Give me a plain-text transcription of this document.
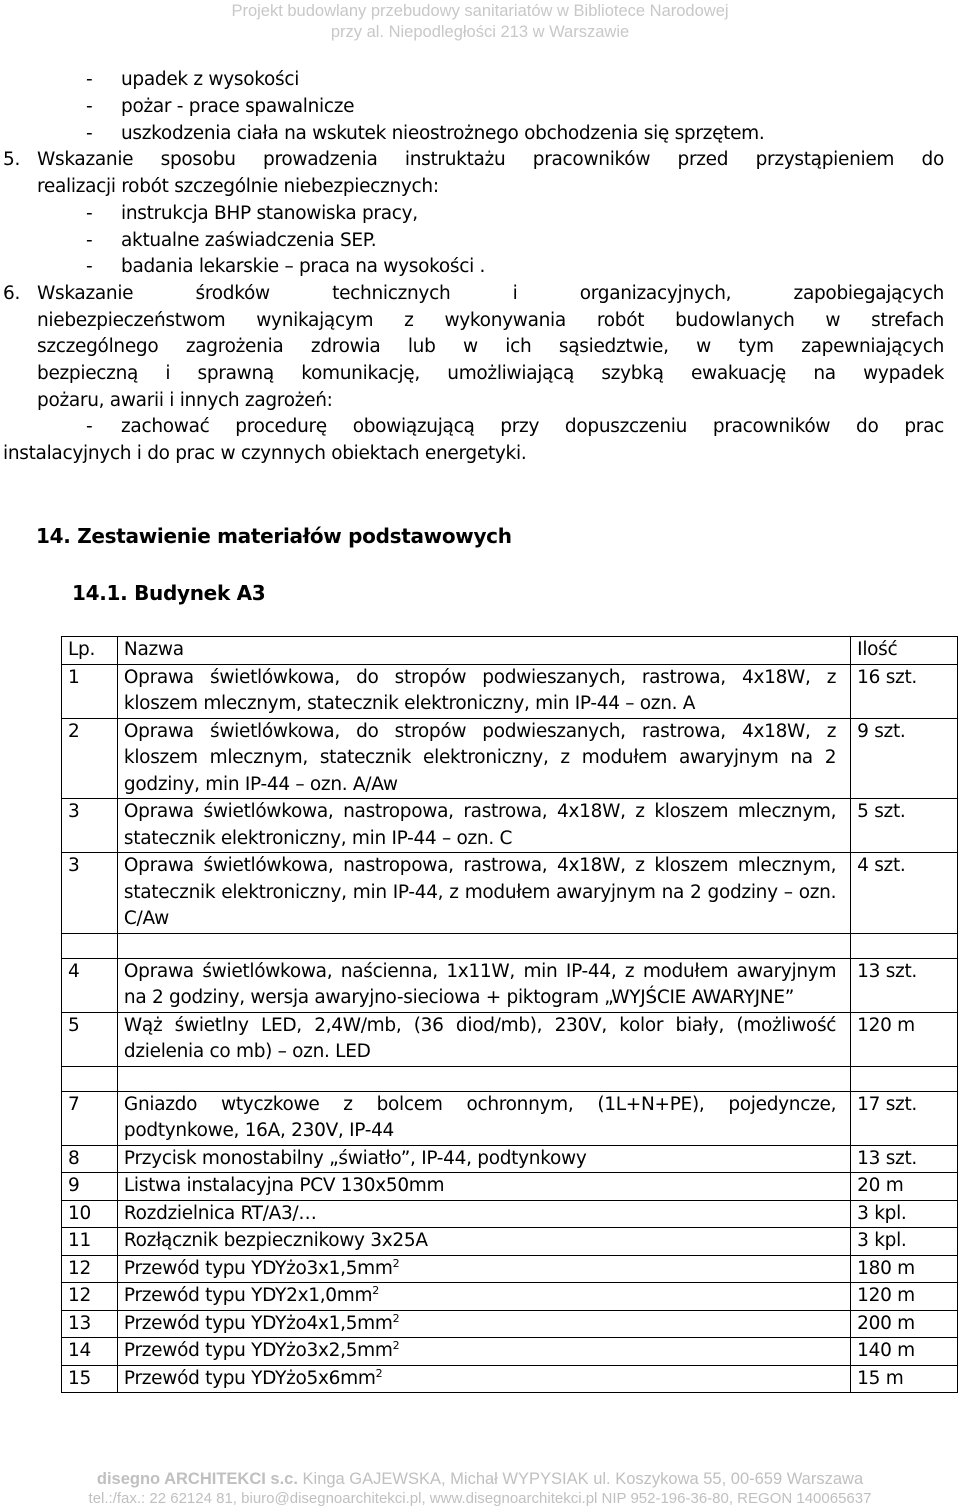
Projekt budowlany przebudowy sanitariatów w Bibliotece Narodowej
przy al. Niepodległości 213 w Warszawie
- upadek z wysokości
- pożar - prace spawalnicze
- uszkodzenia ciała na wskutek nieostrożnego obchodzenia się sprzętem.
5. Wskazanie sposobu prowadzenia instruktażu pracowników przed przystąpieniem do
realizacji robót szczególnie niebezpiecznych:
- instrukcja BHP stanowiska pracy,
- aktualne zaświadczenia SEP.
- badania lekarskie – praca na wysokości .
6. Wskazanie środków technicznych i organizacyjnych, zapobiegających
niebezpieczeństwom wynikającym z wykonywania robót budowlanych w strefach
szczególnego zagrożenia zdrowia lub w ich sąsiedztwie, w tym zapewniających
bezpieczną i sprawną komunikację, umożliwiającą szybką ewakuację na wypadek
pożaru, awarii i innych zagrożeń:
- zachować procedurę obowiązującą przy dopuszczeniu pracowników do prac
instalacyjnych i do prac w czynnych obiektach energetyki.
14. Zestawienie materiałów podstawowych
14.1. Budynek A3
Lp.	Nazwa	Ilość
1	Oprawa świetlówkowa, do stropów podwieszanych, rastrowa, 4x18W, z kloszem mlecznym, statecznik elektroniczny, min IP-44 – ozn. A	16 szt.
2	Oprawa świetlówkowa, do stropów podwieszanych, rastrowa, 4x18W, z kloszem mlecznym, statecznik elektroniczny, z modułem awaryjnym na 2 godziny, min IP-44 – ozn. A/Aw	9 szt.
3	Oprawa świetlówkowa, nastropowa, rastrowa, 4x18W, z kloszem mlecznym, statecznik elektroniczny, min IP-44 – ozn. C	5 szt.
3	Oprawa świetlówkowa, nastropowa, rastrowa, 4x18W, z kloszem mlecznym, statecznik elektroniczny, min IP-44, z modułem awaryjnym na 2 godziny – ozn. C/Aw	4 szt.

4	Oprawa świetlówkowa, naścienna, 1x11W, min IP-44, z modułem awaryjnym na 2 godziny, wersja awaryjno-sieciowa + piktogram „WYJŚCIE AWARYJNE”	13 szt.
5	Wąż świetlny LED, 2,4W/mb, (36 diod/mb), 230V, kolor biały, (możliwość dzielenia co mb) – ozn. LED	120 m

7	Gniazdo wtyczkowe z bolcem ochronnym, (1L+N+PE), pojedyncze, podtynkowe, 16A, 230V, IP-44	17 szt.
8	Przycisk monostabilny „światło”, IP-44, podtynkowy	13 szt.
9	Listwa instalacyjna PCV 130x50mm	20 m
10	Rozdzielnica RT/A3/…	3 kpl.
11	Rozłącznik bezpiecznikowy 3x25A	3 kpl.
12	Przewód typu $YDYżo3x1,5mm^2$	180 m
12	Przewód typu $YDY2x1,0mm^2$	120 m
13	Przewód typu $YDYżo4x1,5mm^2$	200 m
14	Przewód typu $YDYżo3x2,5mm^2$	140 m
15	Przewód typu $YDYżo5x6mm^2$	15 m
disegno ARCHITEKCI s.c. Kinga GAJEWSKA, Michał WYPYSIAK ul. Koszykowa 55, 00-659 Warszawa
tel.:/fax.: 22 62124 81, biuro@disegnoarchitekci.pl, www.disegnoarchitekci.pl NIP 952-196-36-80, REGON 140065637
